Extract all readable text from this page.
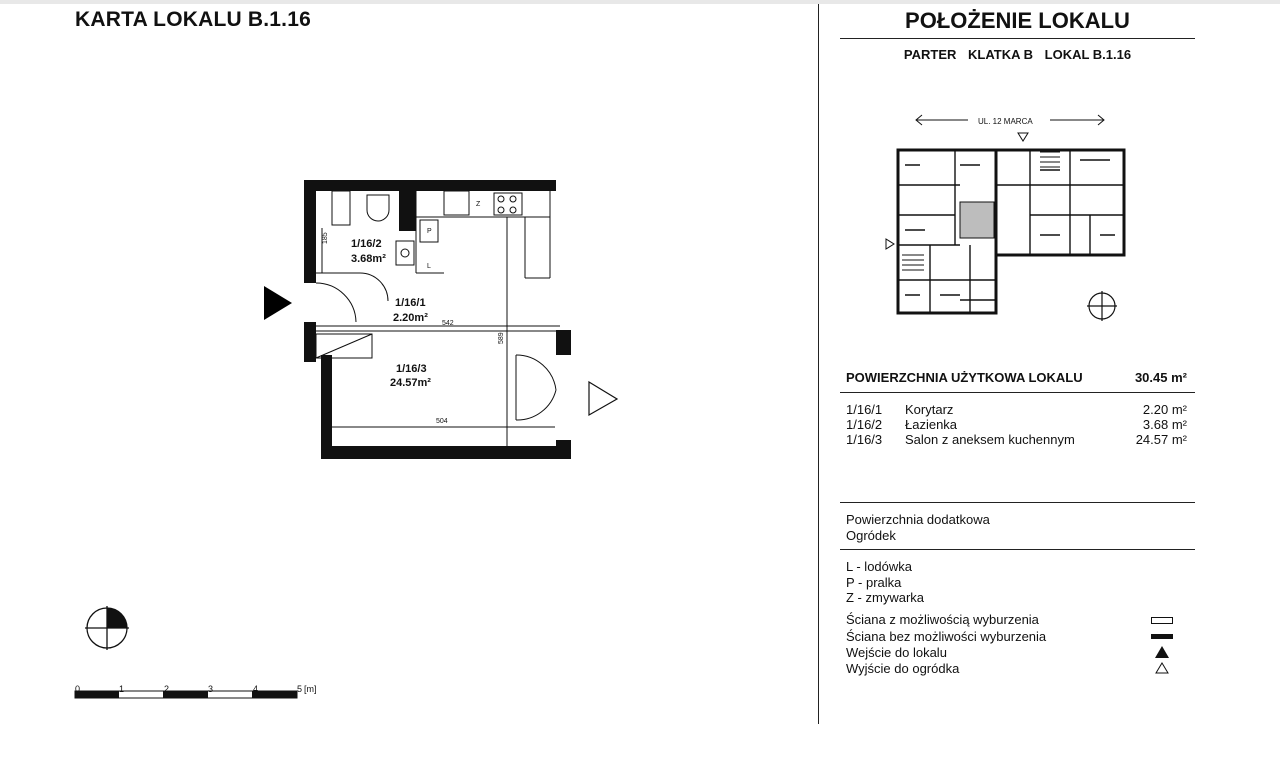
KARTA LOKALU B.1.16
542
504
185
589
Z
P
L
1/16/2
3.68m²
1/16/1
2.20m²
1/16/3
24.57m²
0	1	2	3	4	5 [m]
POŁOŻENIE LOKALU
PARTER KLATKA B LOKAL B.1.16
UL. 12 MARCA
POWIERZCHNIA UŻYTKOWA LOKALU	30.45 m²
1/16/1 Korytarz	2.20 m²
1/16/2 Łazienka	3.68 m²
1/16/3 Salon z aneksem kuchennym	24.57 m²
Powierzchnia dodatkowa
Ogródek
L - lodówka
P - pralka
Z - zmywarka
Ściana z możliwością wyburzenia
Ściana bez możliwości wyburzenia
Wejście do lokalu
Wyjście do ogródka
